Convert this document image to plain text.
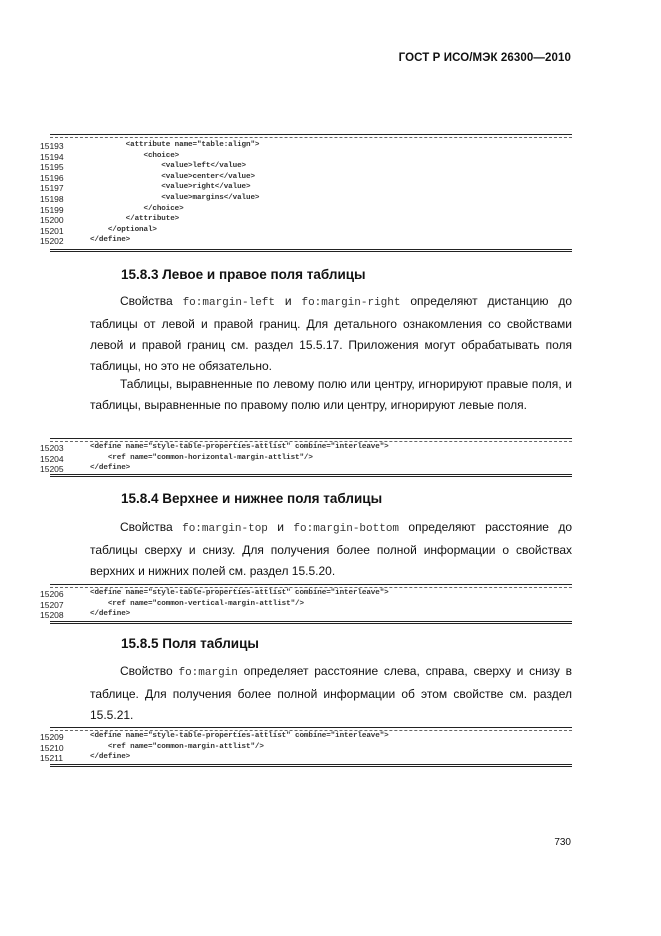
ГОСТ Р ИСО/МЭК 26300—2010
15193	<attribute name="table:align">
15194	<choice>
15195	<value>left</value>
15196	<value>center</value>
15197	<value>right</value>
15198	<value>margins</value>
15199	</choice>
15200	</attribute>
15201	</optional>
15202	</define>
15.8.3 Левое и правое поля таблицы

Свойства fo:margin-left и fo:margin-right определяют дистанцию до таблицы от левой и правой границ. Для детального ознакомления со свойствами левой и правой границ см. раздел 15.5.17. Приложения могут обрабатывать поля таблицы, но это не обязательно.

Таблицы, выравненные по левому полю или центру, игнорируют правые поля, и таблицы, выравненные по правому полю или центру, игнорируют левые поля.

15203	<define name="style-table-properties-attlist" combine="interleave">
15204	<ref name="common-horizontal-margin-attlist"/>
15205	</define>
15.8.4 Верхнее и нижнее поля таблицы

Свойства fo:margin-top и fo:margin-bottom определяют расстояние до таблицы сверху и снизу. Для получения более полной информации о свойствах верхних и нижних полей см. раздел 15.5.20.

15206	<define name="style-table-properties-attlist" combine="interleave">
15207	<ref name="common-vertical-margin-attlist"/>
15208	</define>
15.8.5 Поля таблицы

Свойство fo:margin определяет расстояние слева, справа, сверху и снизу в таблице. Для получения более полной информации об этом свойстве см. раздел 15.5.21.

15209	<define name="style-table-properties-attlist" combine="interleave">
15210	<ref name="common-margin-attlist"/>
15211	</define>
730
